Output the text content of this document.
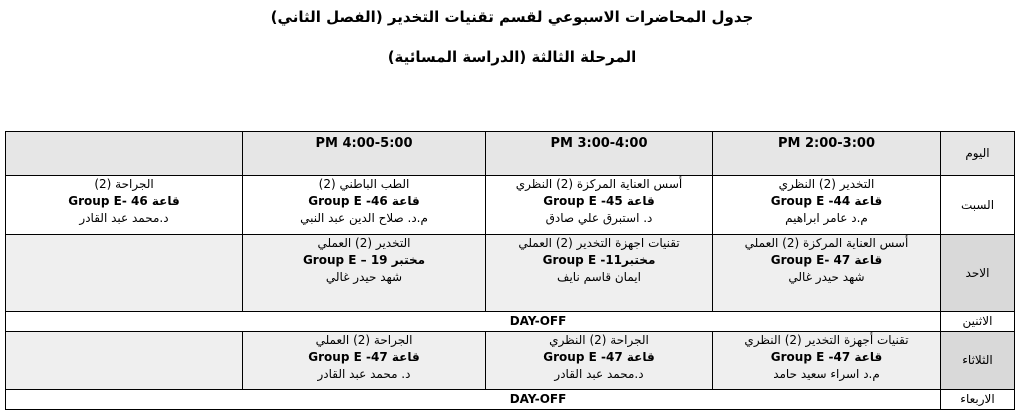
جدول المحاضرات الاسبوعي لقسم تقنيات التخدير (الفصل الثاني)
المرحلة الثالثة (الدراسة المسائية)
اليوم	2:00-3:00 PM	3:00-4:00 PM	4:00-5:00 PM	
السبت	التخدير (2) النظري
قاعة 44- Group E
م.د عامر ابراهيم	أسس العناية المركزة (2) النظري
قاعة 45- Group E
د. استبرق علي صادق	الطب الباطني (2)
قاعة 46- Group E
م.د. صلاح الدين عبد النبي	الجراحة (2)
قاعة 46 -Group E
د.محمد عبد القادر

الاحد	أسس العناية المركزة (2) العملي
قاعة 47 -Group E
شهد حيدر غالي	تقنيات اجهزة التخدير (2) العملي
مختبر11- Group E
ايمان قاسم نايف	التخدير (2) العملي
مختبر 19 – Group E
شهد حيدر غالي	

الاثنين	DAY-OFF			

الثلاثاء	تقنيات أجهزة التخدير (2) النظري
قاعة 47- Group E
م.د اسراء سعيد حامد	الجراحة (2) النظري
قاعة 47- Group E
د.محمد عبد القادر	الجراحة (2) العملي
قاعة 47- Group E
د. محمد عبد القادر	

الاربعاء	DAY-OFF			
